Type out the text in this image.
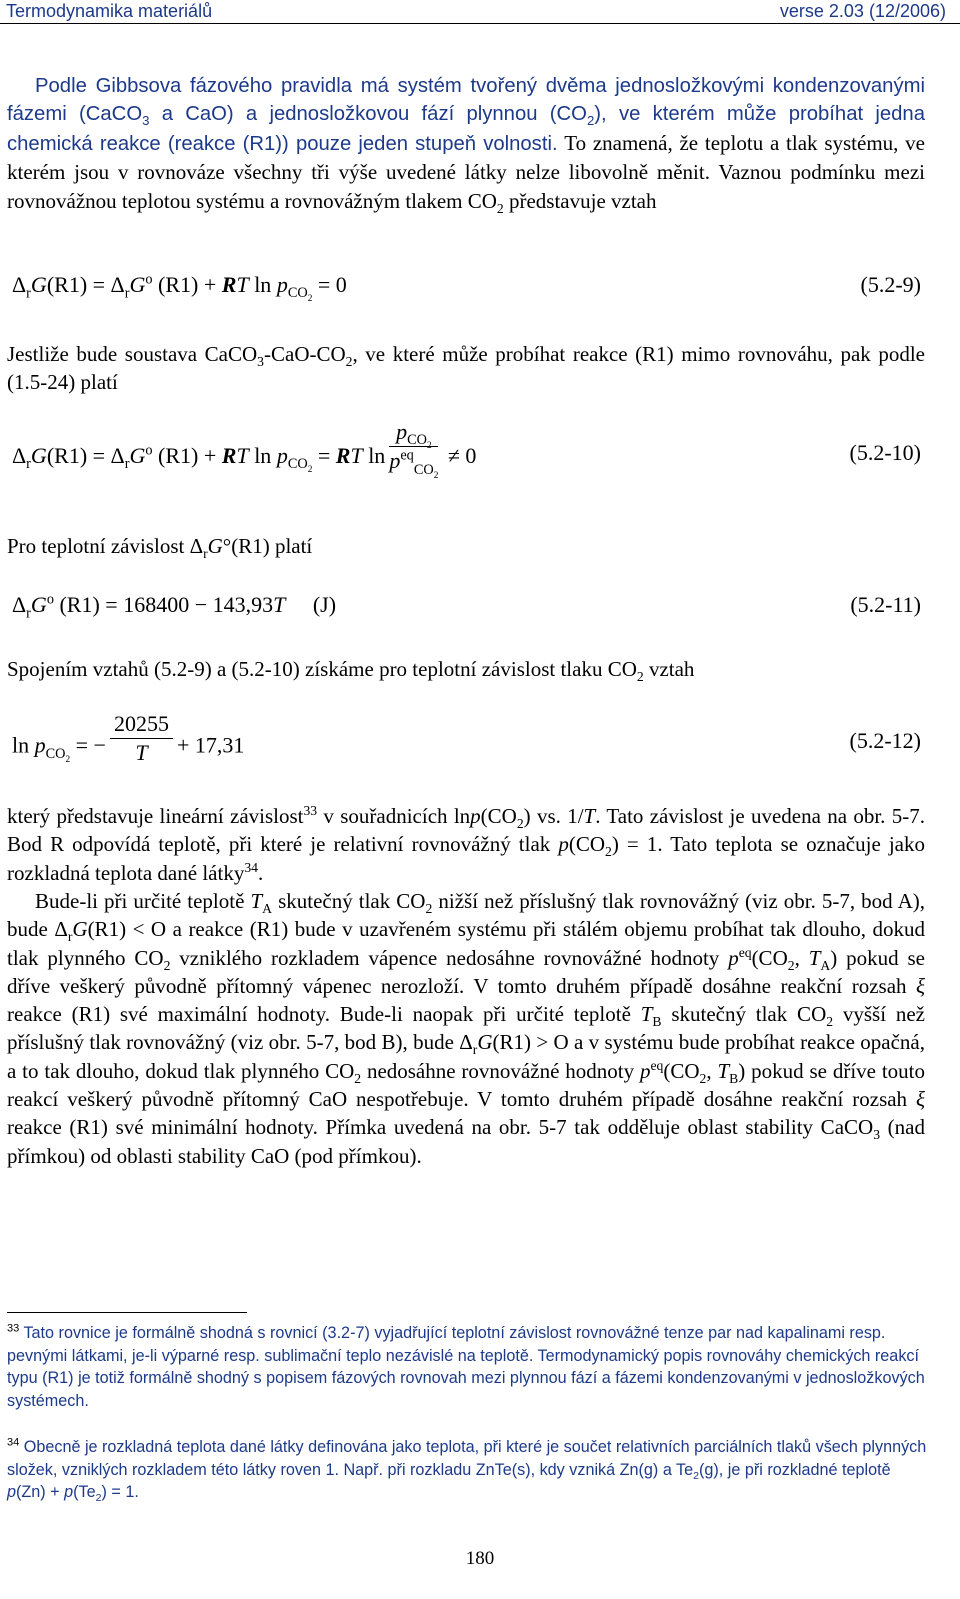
Termodynamika materiálů	verse 2.03 (12/2006)
Podle Gibbsova fázového pravidla má systém tvořený dvěma jednosložkovými kondenzovanými fázemi (CaCO$_3$ a CaO) a jednosložkovou fází plynnou $(CO_2)$, ve kterém může probíhat jedna chemická reakce (reakce (R1)) pouze jeden stupeň volnosti. To znamená, že teplotu a tlak systému, ve kterém jsou v rovnováze všechny tři výše uvedené látky nelze libovolně měnit. Vaznou podmínku mezi rovnovážnou teplotou systému a rovnovážným tlakem $CO_2$ představuje vztah
$\Delta_rG(R1) = \Delta_rG^o$ (R1) + RT $\ln p_{CO_2} = 0$	(5.2-9)
Jestliže bude soustava $CaCO_3-CaO-CO_2$, ve které může probíhat reakce (R1) mimo rovnováhu, pak podle (1.5-24) platí
$\Delta_rG(R1) = \Delta_rG^o$ (R1) + RT $\ln p_{CO_2}$ = RT $\ln \frac{p_{CO_2}}{p^{eq}_{CO_2}} \ne 0$	(5.2-10)
Pro teplotní závislost $\Delta_rG^\circ(R1)$ platí
$\Delta_rG^o$ (R1) = 168400 − 143,93T (J)	(5.2-11)
Spojením vztahů (5.2-9) a (5.2-10) získáme pro teplotní závislost tlaku $CO_2$ vztah
$\ln p_{CO_2}$ = − $\frac{20255}{T} + 17,31$	(5.2-12)
který představuje lineární závislost$^{33}$ v souřadnicích $\ln p(CO_2)$ vs. 1/T. Tato závislost je uvedena na obr. 5-7. Bod R odpovídá teplotě, při které je relativní rovnovážný tlak $p(CO_2) = 1$. Tato teplota se označuje jako rozkladná teplota dané látky$^{34}$.
Bude-li při určité teplotě $T_A$ skutečný tlak $CO_2$ nižší než příslušný tlak rovnovážný (viz obr. 5-7, bod A), bude $\Delta_rG(R1) < O$ a reakce (R1) bude v uzavřeném systému při stálém objemu probíhat tak dlouho, dokud tlak plynného $CO_2$ vzniklého rozkladem vápence nedosáhne rovnovážné hodnoty $p^{eq}(CO_2$, $T_A$) pokud se dříve veškerý původně přítomný vápenec nerozloží. V tomto druhém případě dosáhne reakční rozsah ξ reakce (R1) své maximální hodnoty. Bude-li naopak při určité teplotě $T_B$ skutečný tlak $CO_2$ vyšší než příslušný tlak rovnovážný (viz obr. 5-7, bod B), bude $\Delta_rG(R1) > O$ a v systému bude probíhat reakce opačná, a to tak dlouho, dokud tlak plynného $CO_2$ nedosáhne rovnovážné hodnoty $p^{eq}(CO_2$, $T_B$) pokud se dříve touto reakcí veškerý původně přítomný CaO nespotřebuje. V tomto druhém případě dosáhne reakční rozsah ξ reakce (R1) své minimální hodnoty. Přímka uvedená na obr. 5-7 tak odděluje oblast stability CaCO$_3$ (nad přímkou) od oblasti stability CaO (pod přímkou).
$^{33}$ Tato rovnice je formálně shodná s rovnicí (3.2-7) vyjadřující teplotní závislost rovnovážné tenze par nad kapalinami resp. pevnými látkami, je-li výparné resp. sublimační teplo nezávislé na teplotě. Termodynamický popis rovnováhy chemických reakcí typu (R1) je totiž formálně shodný s popisem fázových rovnovah mezi plynnou fází a fázemi kondenzovanými v jednosložkových systémech.
$^{34}$ Obecně je rozkladná teplota dané látky definována jako teplota, při které je součet relativních parciálních tlaků všech plynných složek, vzniklých rozkladem této látky roven 1. Např. při rozkladu ZnTe(s), kdy vzniká Zn(g) a $Te_2(g)$, je při rozkladné teplotě $p(Zn) + p(Te_2) = 1$.
180
